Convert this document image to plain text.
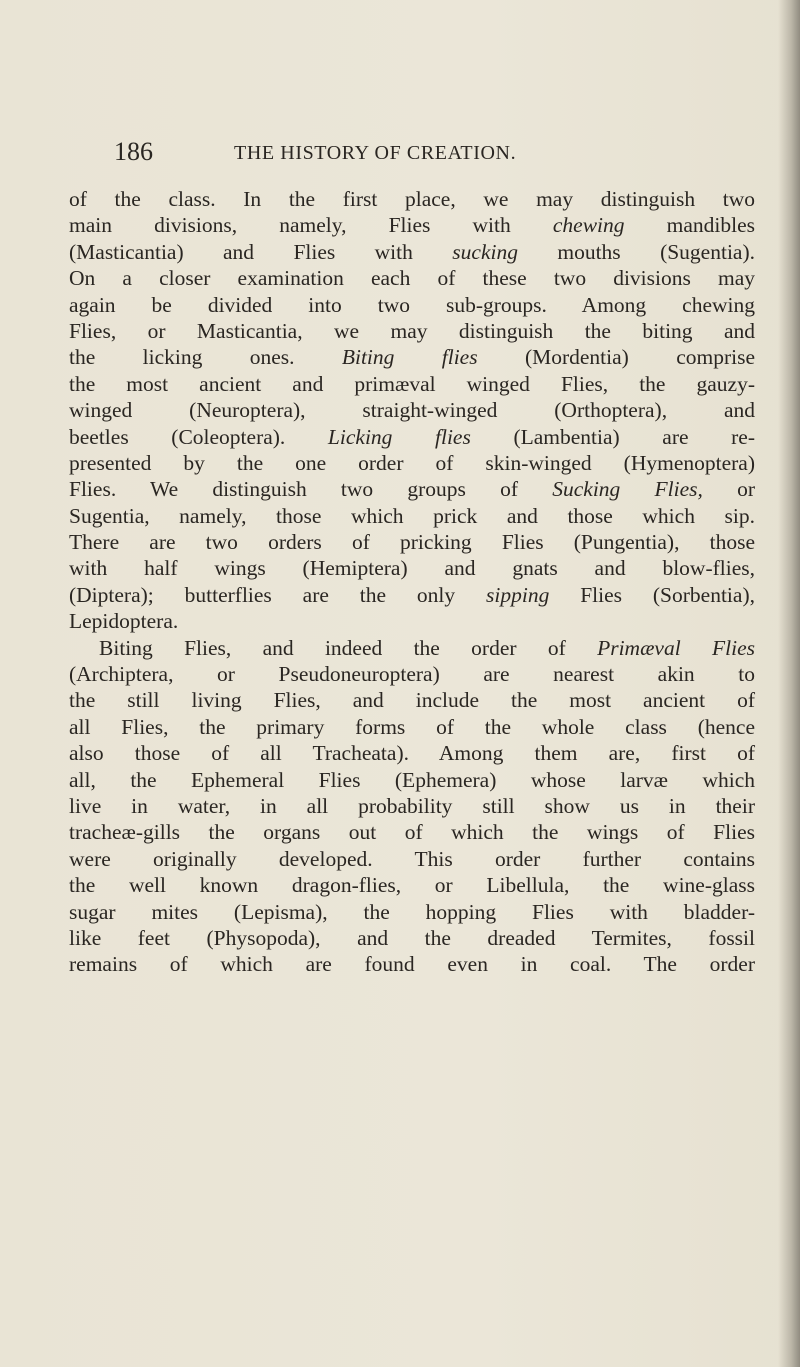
186	THE HISTORY OF CREATION.
of the class. In the first place, we may distinguish two
main divisions, namely, Flies with chewing mandibles
(Masticantia) and Flies with sucking mouths (Sugentia).
On a closer examination each of these two divisions may
again be divided into two sub-groups. Among chewing
Flies, or Masticantia, we may distinguish the biting and
the licking ones. Biting flies (Mordentia) comprise
the most ancient and primæval winged Flies, the gauzy-
winged (Neuroptera), straight-winged (Orthoptera), and
beetles (Coleoptera). Licking flies (Lambentia) are re-
presented by the one order of skin-winged (Hymenoptera)
Flies. We distinguish two groups of Sucking Flies, or
Sugentia, namely, those which prick and those which sip.
There are two orders of pricking Flies (Pungentia), those
with half wings (Hemiptera) and gnats and blow-flies,
(Diptera); butterflies are the only sipping Flies (Sorbentia),
Lepidoptera.
Biting Flies, and indeed the order of Primæval Flies
(Archiptera, or Pseudoneuroptera) are nearest akin to
the still living Flies, and include the most ancient of
all Flies, the primary forms of the whole class (hence
also those of all Tracheata). Among them are, first of
all, the Ephemeral Flies (Ephemera) whose larvæ which
live in water, in all probability still show us in their
tracheæ-gills the organs out of which the wings of Flies
were originally developed. This order further contains
the well known dragon-flies, or Libellula, the wine-glass
sugar mites (Lepisma), the hopping Flies with bladder-
like feet (Physopoda), and the dreaded Termites, fossil
remains of which are found even in coal. The order
